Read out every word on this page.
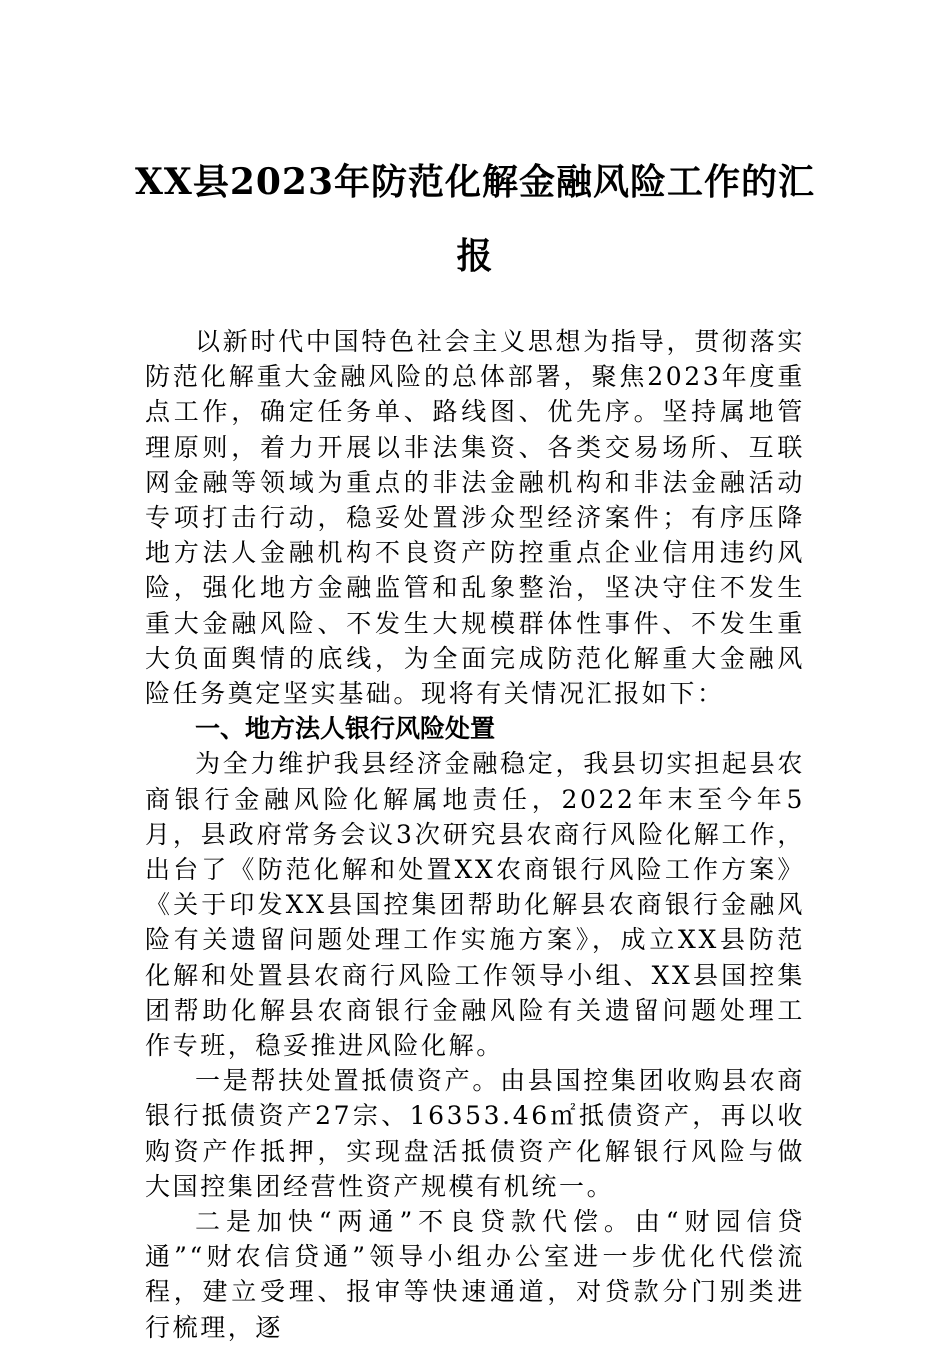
XX县2023年防范化解金融风险工作的汇报

以新时代中国特色社会主义思想为指导，贯彻落实防范化解重大金融风险的总体部署，聚焦2023年度重点工作，确定任务单、路线图、优先序。坚持属地管理原则，着力开展以非法集资、各类交易场所、互联网金融等领域为重点的非法金融机构和非法金融活动专项打击行动，稳妥处置涉众型经济案件；有序压降地方法人金融机构不良资产防控重点企业信用违约风险，强化地方金融监管和乱象整治，坚决守住不发生重大金融风险、不发生大规模群体性事件、不发生重大负面舆情的底线，为全面完成防范化解重大金融风险任务奠定坚实基础。现将有关情况汇报如下：

一、地方法人银行风险处置

为全力维护我县经济金融稳定，我县切实担起县农商银行金融风险化解属地责任，2022年末至今年5月，县政府常务会议3次研究县农商行风险化解工作，出台了《防范化解和处置XX农商银行风险工作方案》《关于印发XX县国控集团帮助化解县农商银行金融风险有关遗留问题处理工作实施方案》，成立XX县防范化解和处置县农商行风险工作领导小组、XX县国控集团帮助化解县农商银行金融风险有关遗留问题处理工作专班，稳妥推进风险化解。

一是帮扶处置抵债资产。由县国控集团收购县农商银行抵债资产27宗、16353.46㎡抵债资产，再以收购资产作抵押，实现盘活抵债资产化解银行风险与做大国控集团经营性资产规模有机统一。

二是加快“两通”不良贷款代偿。由“财园信贷通”“财农信贷通”领导小组办公室进一步优化代偿流程，建立受理、报审等快速通道，对贷款分门别类进行梳理，逐
